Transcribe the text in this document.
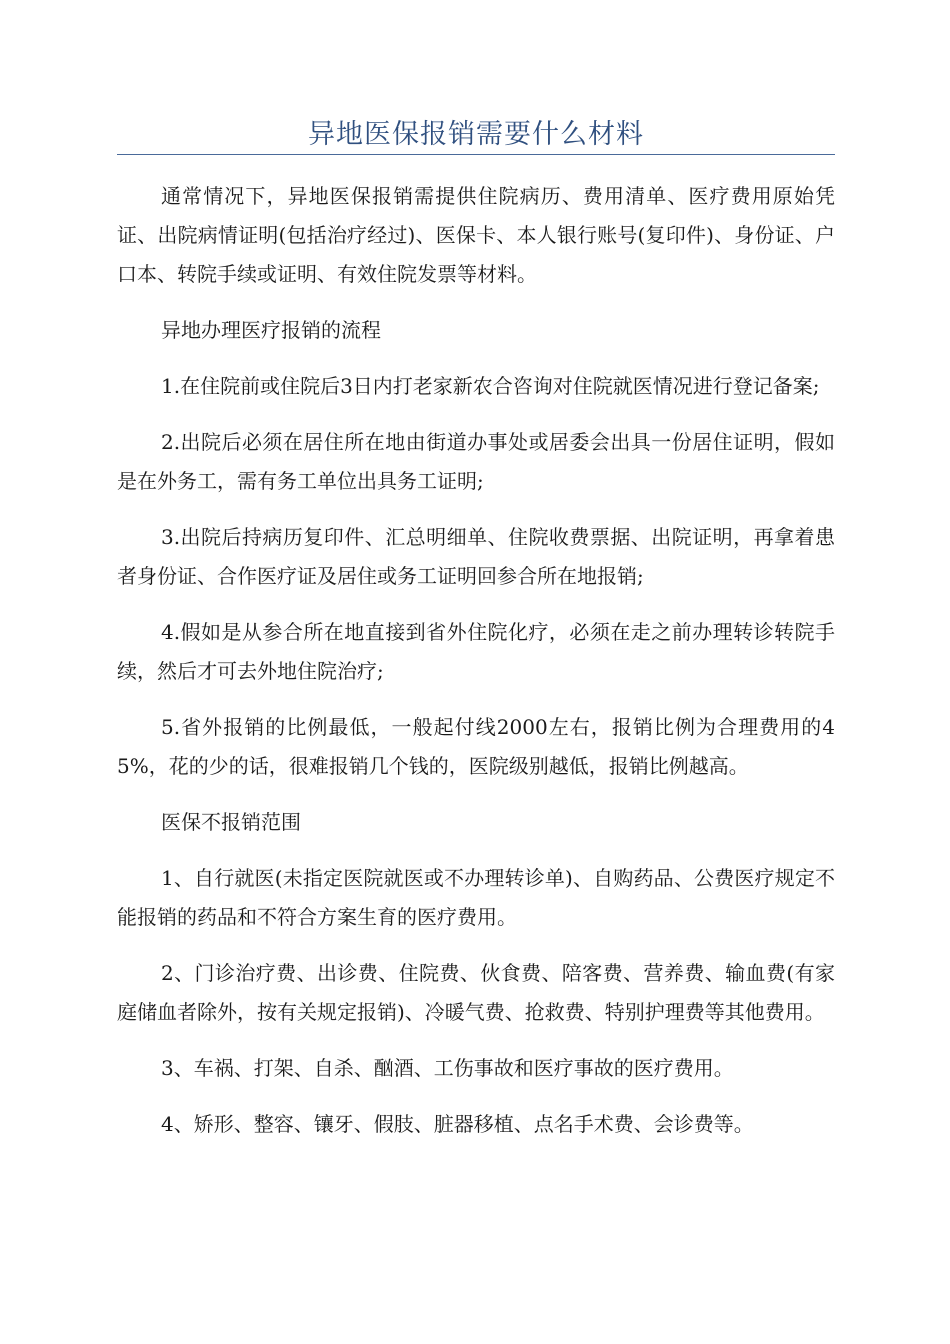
异地医保报销需要什么材料

通常情况下，异地医保报销需提供住院病历、费用清单、医疗费用原始凭证、出院病情证明(包括治疗经过)、医保卡、本人银行账号(复印件)、身份证、户口本、转院手续或证明、有效住院发票等材料。

异地办理医疗报销的流程

1.在住院前或住院后3日内打老家新农合咨询对住院就医情况进行登记备案;

2.出院后必须在居住所在地由街道办事处或居委会出具一份居住证明，假如是在外务工，需有务工单位出具务工证明;

3.出院后持病历复印件、汇总明细单、住院收费票据、出院证明，再拿着患者身份证、合作医疗证及居住或务工证明回参合所在地报销;

4.假如是从参合所在地直接到省外住院化疗，必须在走之前办理转诊转院手续，然后才可去外地住院治疗;

5.省外报销的比例最低，一般起付线2000左右，报销比例为合理费用的45%，花的少的话，很难报销几个钱的，医院级别越低，报销比例越高。

医保不报销范围

1、自行就医(未指定医院就医或不办理转诊单)、自购药品、公费医疗规定不能报销的药品和不符合方案生育的医疗费用。

2、门诊治疗费、出诊费、住院费、伙食费、陪客费、营养费、输血费(有家庭储血者除外，按有关规定报销)、冷暖气费、抢救费、特别护理费等其他费用。

3、车祸、打架、自杀、酗酒、工伤事故和医疗事故的医疗费用。

4、矫形、整容、镶牙、假肢、脏器移植、点名手术费、会诊费等。
